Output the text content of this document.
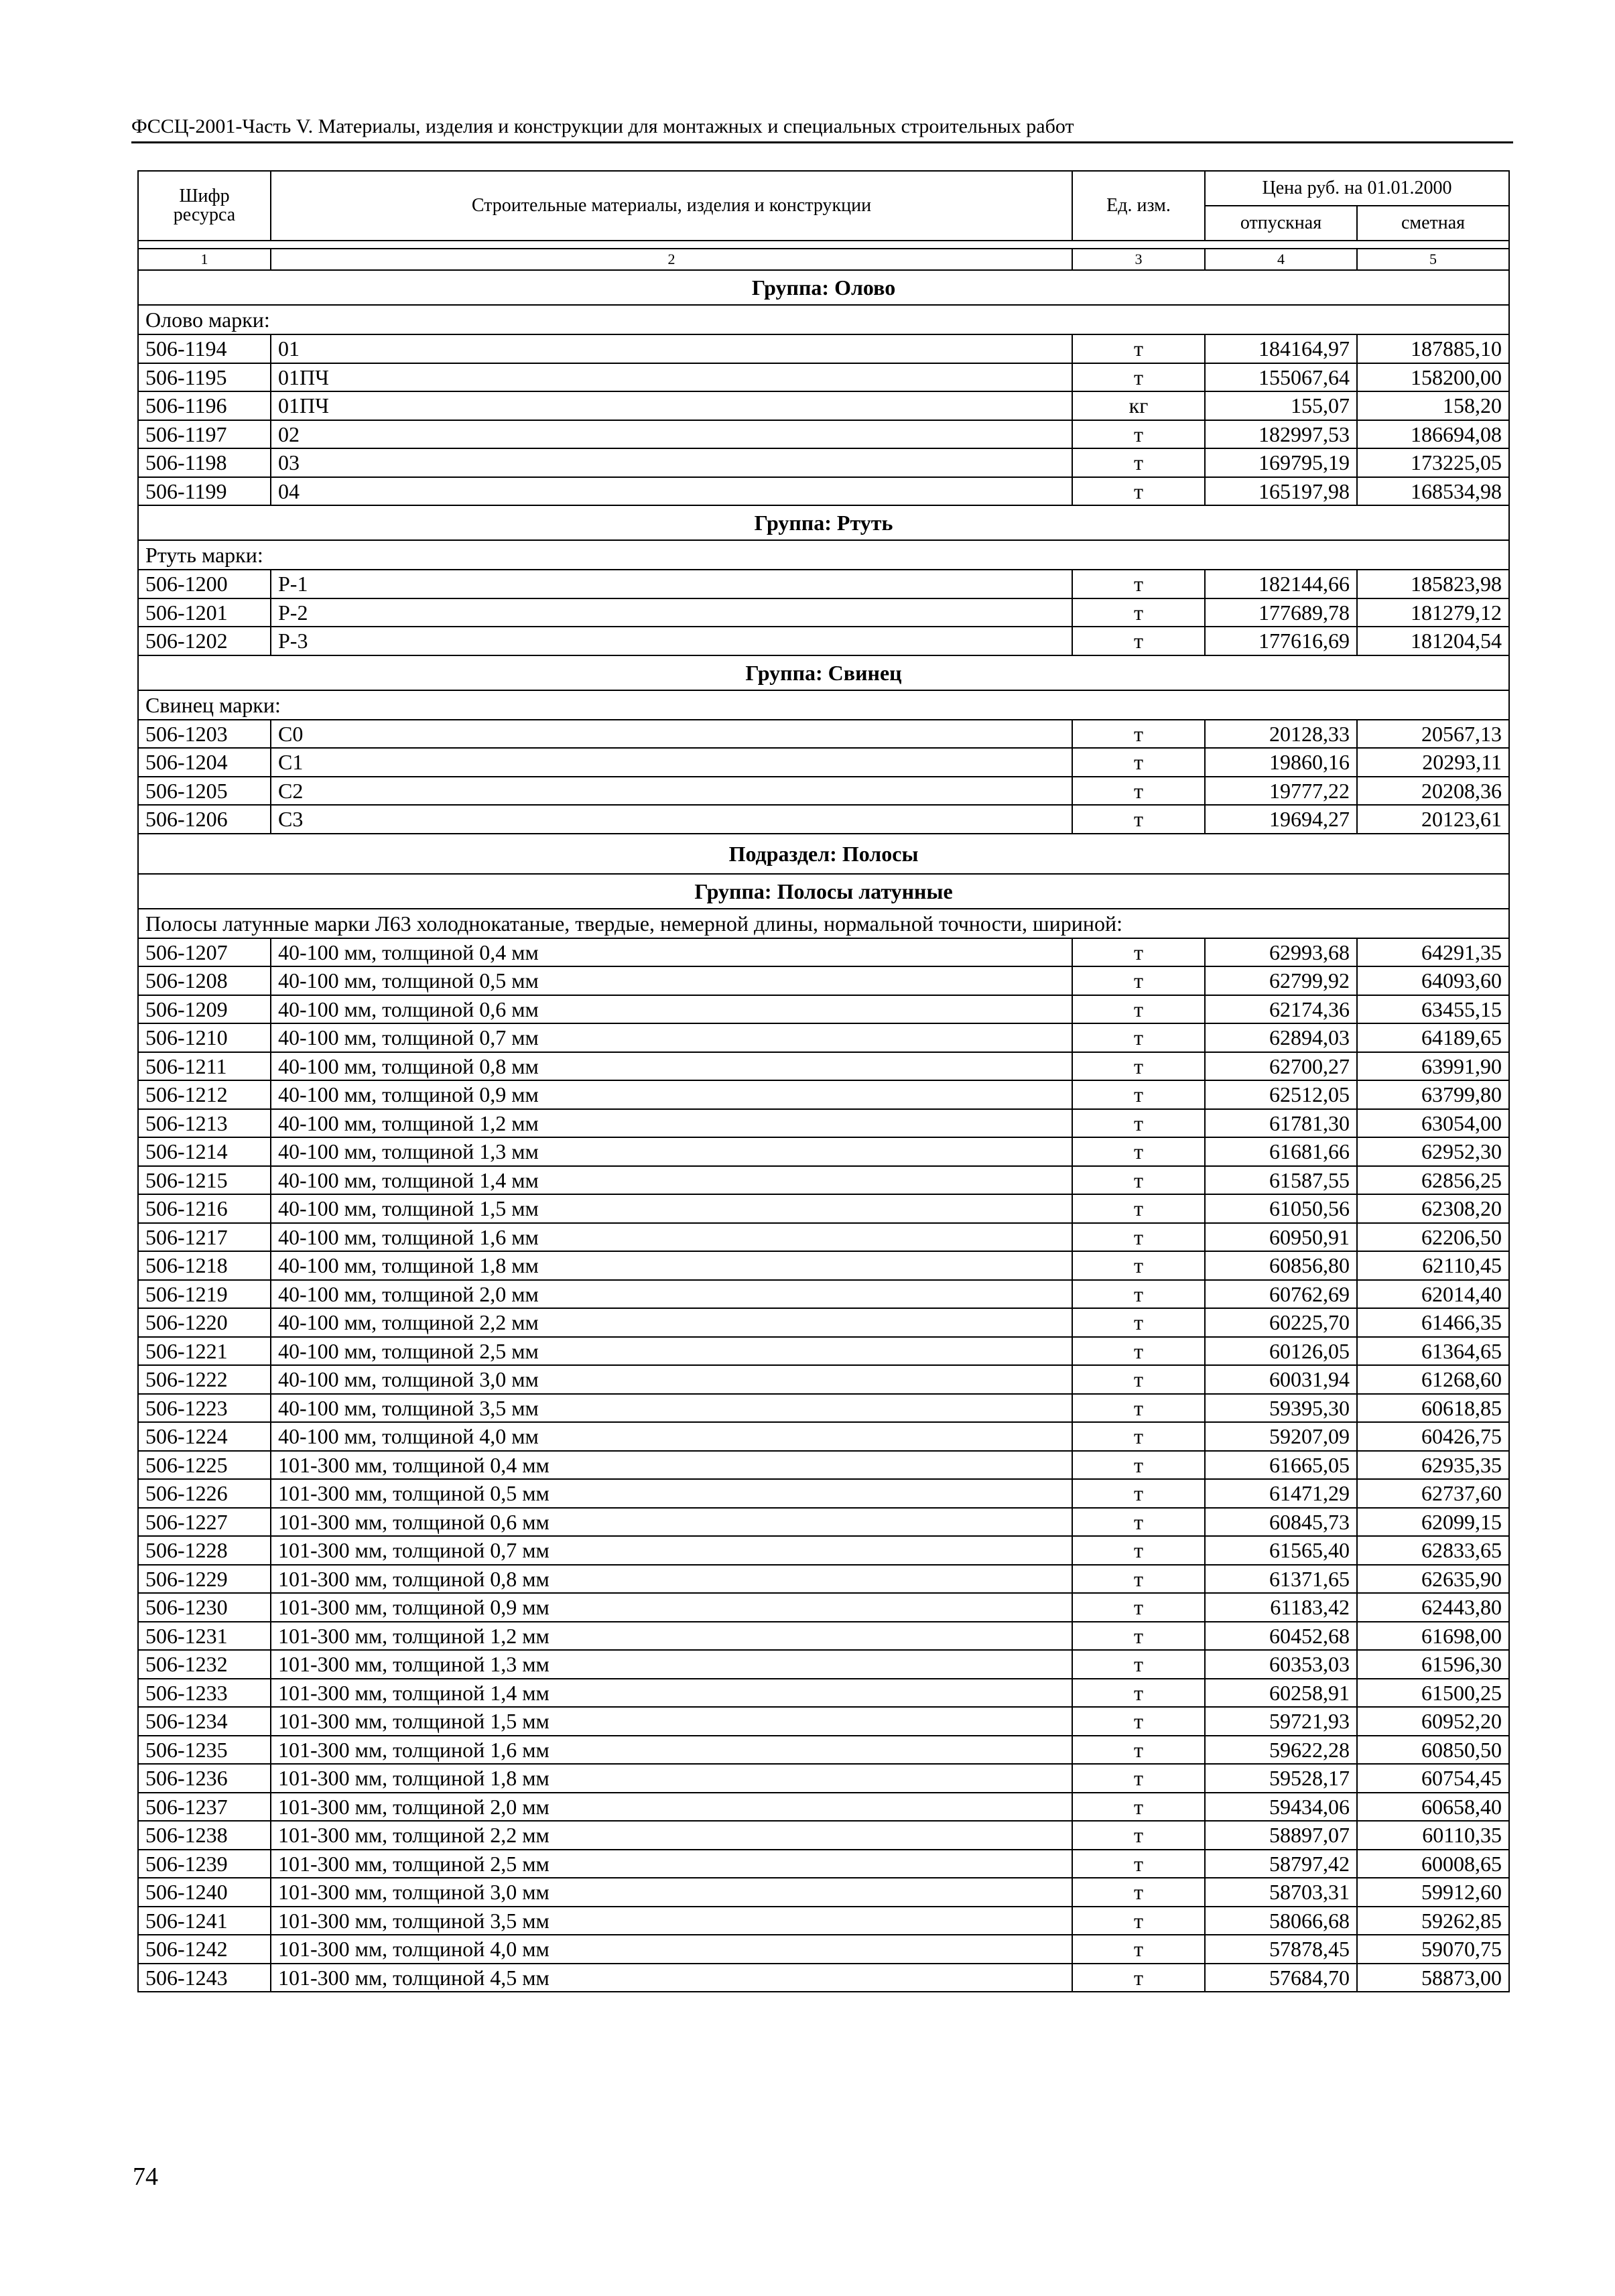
ФССЦ-2001-Часть V. Материалы, изделия и конструкции для монтажных и специальных строительных работ
Шифр ресурса	Строительные материалы, изделия и конструкции	Ед. изм.	Цена руб. на 01.01.2000	
			отпускная	сметная

1	2	3	4	5
Группа: Олово				
Олово марки:				
506-1194	01	т	184164,97	187885,10
506-1195	01ПЧ	т	155067,64	158200,00
506-1196	01ПЧ	кг	155,07	158,20
506-1197	02	т	182997,53	186694,08
506-1198	03	т	169795,19	173225,05
506-1199	04	т	165197,98	168534,98
Группа: Ртуть				
Ртуть марки:				
506-1200	Р-1	т	182144,66	185823,98
506-1201	Р-2	т	177689,78	181279,12
506-1202	Р-3	т	177616,69	181204,54
Группа: Свинец				
Свинец марки:				
506-1203	С0	т	20128,33	20567,13
506-1204	С1	т	19860,16	20293,11
506-1205	С2	т	19777,22	20208,36
506-1206	С3	т	19694,27	20123,61
Подраздел: Полосы				
Группа: Полосы латунные				
Полосы латунные марки Л63 холоднокатаные, твердые, немерной длины, нормальной точности, шириной:				
506-1207	40-100 мм, толщиной 0,4 мм	т	62993,68	64291,35
506-1208	40-100 мм, толщиной 0,5 мм	т	62799,92	64093,60
506-1209	40-100 мм, толщиной 0,6 мм	т	62174,36	63455,15
506-1210	40-100 мм, толщиной 0,7 мм	т	62894,03	64189,65
506-1211	40-100 мм, толщиной 0,8 мм	т	62700,27	63991,90
506-1212	40-100 мм, толщиной 0,9 мм	т	62512,05	63799,80
506-1213	40-100 мм, толщиной 1,2 мм	т	61781,30	63054,00
506-1214	40-100 мм, толщиной 1,3 мм	т	61681,66	62952,30
506-1215	40-100 мм, толщиной 1,4 мм	т	61587,55	62856,25
506-1216	40-100 мм, толщиной 1,5 мм	т	61050,56	62308,20
506-1217	40-100 мм, толщиной 1,6 мм	т	60950,91	62206,50
506-1218	40-100 мм, толщиной 1,8 мм	т	60856,80	62110,45
506-1219	40-100 мм, толщиной 2,0 мм	т	60762,69	62014,40
506-1220	40-100 мм, толщиной 2,2 мм	т	60225,70	61466,35
506-1221	40-100 мм, толщиной 2,5 мм	т	60126,05	61364,65
506-1222	40-100 мм, толщиной 3,0 мм	т	60031,94	61268,60
506-1223	40-100 мм, толщиной 3,5 мм	т	59395,30	60618,85
506-1224	40-100 мм, толщиной 4,0 мм	т	59207,09	60426,75
506-1225	101-300 мм, толщиной 0,4 мм	т	61665,05	62935,35
506-1226	101-300 мм, толщиной 0,5 мм	т	61471,29	62737,60
506-1227	101-300 мм, толщиной 0,6 мм	т	60845,73	62099,15
506-1228	101-300 мм, толщиной 0,7 мм	т	61565,40	62833,65
506-1229	101-300 мм, толщиной 0,8 мм	т	61371,65	62635,90
506-1230	101-300 мм, толщиной 0,9 мм	т	61183,42	62443,80
506-1231	101-300 мм, толщиной 1,2 мм	т	60452,68	61698,00
506-1232	101-300 мм, толщиной 1,3 мм	т	60353,03	61596,30
506-1233	101-300 мм, толщиной 1,4 мм	т	60258,91	61500,25
506-1234	101-300 мм, толщиной 1,5 мм	т	59721,93	60952,20
506-1235	101-300 мм, толщиной 1,6 мм	т	59622,28	60850,50
506-1236	101-300 мм, толщиной 1,8 мм	т	59528,17	60754,45
506-1237	101-300 мм, толщиной 2,0 мм	т	59434,06	60658,40
506-1238	101-300 мм, толщиной 2,2 мм	т	58897,07	60110,35
506-1239	101-300 мм, толщиной 2,5 мм	т	58797,42	60008,65
506-1240	101-300 мм, толщиной 3,0 мм	т	58703,31	59912,60
506-1241	101-300 мм, толщиной 3,5 мм	т	58066,68	59262,85
506-1242	101-300 мм, толщиной 4,0 мм	т	57878,45	59070,75
506-1243	101-300 мм, толщиной 4,5 мм	т	57684,70	58873,00
74
